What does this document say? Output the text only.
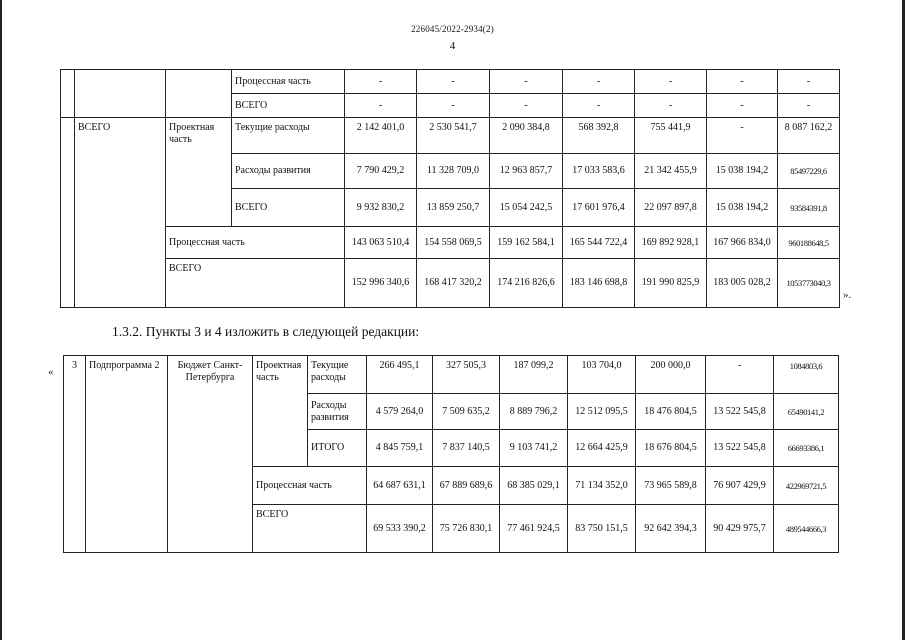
226045/2022-2934(2)
4
			Процессная часть	-	-	-	-	-	-	-
			ВСЕГО	-	-	-	-	-	-	-
	ВСЕГО	Проектная часть	Текущие расходы	2 142 401,0	2 530 541,7	2 090 384,8	568 392,8	755 441,9	-	8 087 162,2
			Расходы развития	7 790 429,2	11 328 709,0	12 963 857,7	17 033 583,6	21 342 455,9	15 038 194,2	85497229,6
			ВСЕГО	9 932 830,2	13 859 250,7	15 054 242,5	17 601 976,4	22 097 897,8	15 038 194,2	93584391,8
		Процессная часть		143 063 510,4	154 558 069,5	159 162 584,1	165 544 722,4	169 892 928,1	167 966 834,0	960188648,5
		ВСЕГО		152 996 340,6	168 417 320,2	174 216 826,6	183 146 698,8	191 990 825,9	183 005 028,2	1053773040,3
».
1.3.2. Пункты 3 и 4 изложить в следующей редакции:
«
3	Подпрограмма 2	Бюджет Санкт-Петербурга	Проектная часть	Текущие расходы	266 495,1	327 505,3	187 099,2	103 704,0	200 000,0	-	1084803,6
				Расходы развития	4 579 264,0	7 509 635,2	8 889 796,2	12 512 095,5	18 476 804,5	13 522 545,8	65490141,2
				ИТОГО	4 845 759,1	7 837 140,5	9 103 741,2	12 664 425,9	18 676 804,5	13 522 545,8	66693386,1
			Процессная часть		64 687 631,1	67 889 689,6	68 385 029,1	71 134 352,0	73 965 589,8	76 907 429,9	422969721,5
			ВСЕГО		69 533 390,2	75 726 830,1	77 461 924,5	83 750 151,5	92 642 394,3	90 429 975,7	489544666,3
